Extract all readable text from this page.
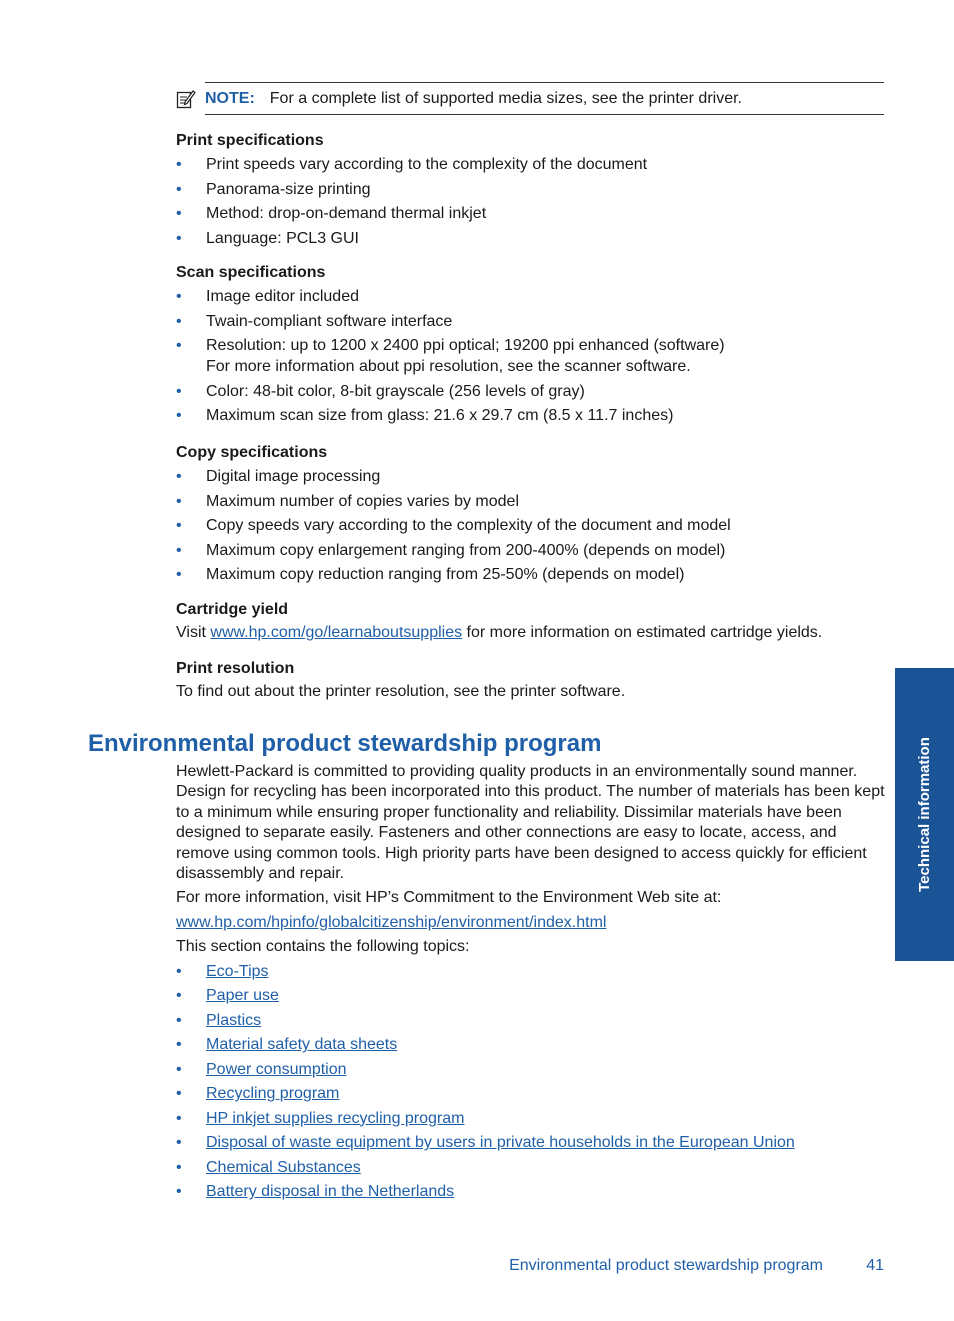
NOTE: For a complete list of supported media sizes, see the printer driver.

Print specifications

• Print speeds vary according to the complexity of the document
• Panorama-size printing
• Method: drop-on-demand thermal inkjet
• Language: PCL3 GUI

Scan specifications

• Image editor included
• Twain-compliant software interface
• Resolution: up to 1200 x 2400 ppi optical; 19200 ppi enhanced (software)
For more information about ppi resolution, see the scanner software.
• Color: 48-bit color, 8-bit grayscale (256 levels of gray)
• Maximum scan size from glass: 21.6 x 29.7 cm (8.5 x 11.7 inches)

Copy specifications

• Digital image processing
• Maximum number of copies varies by model
• Copy speeds vary according to the complexity of the document and model
• Maximum copy enlargement ranging from 200-400% (depends on model)
• Maximum copy reduction ranging from 25-50% (depends on model)

Cartridge yield

Visit www.hp.com/go/learnaboutsupplies for more information on estimated cartridge yields.

Print resolution

To find out about the printer resolution, see the printer software.

Environmental product stewardship program

Hewlett-Packard is committed to providing quality products in an environmentally sound manner. Design for recycling has been incorporated into this product. The number of materials has been kept to a minimum while ensuring proper functionality and reliability. Dissimilar materials have been designed to separate easily. Fasteners and other connections are easy to locate, access, and remove using common tools. High priority parts have been designed to access quickly for efficient disassembly and repair.

For more information, visit HP’s Commitment to the Environment Web site at:

www.hp.com/hpinfo/globalcitizenship/environment/index.html

This section contains the following topics:

• Eco-Tips
• Paper use
• Plastics
• Material safety data sheets
• Power consumption
• Recycling program
• HP inkjet supplies recycling program
• Disposal of waste equipment by users in private households in the European Union
• Chemical Substances
• Battery disposal in the Netherlands
Technical information
Environmental product stewardship program	41
